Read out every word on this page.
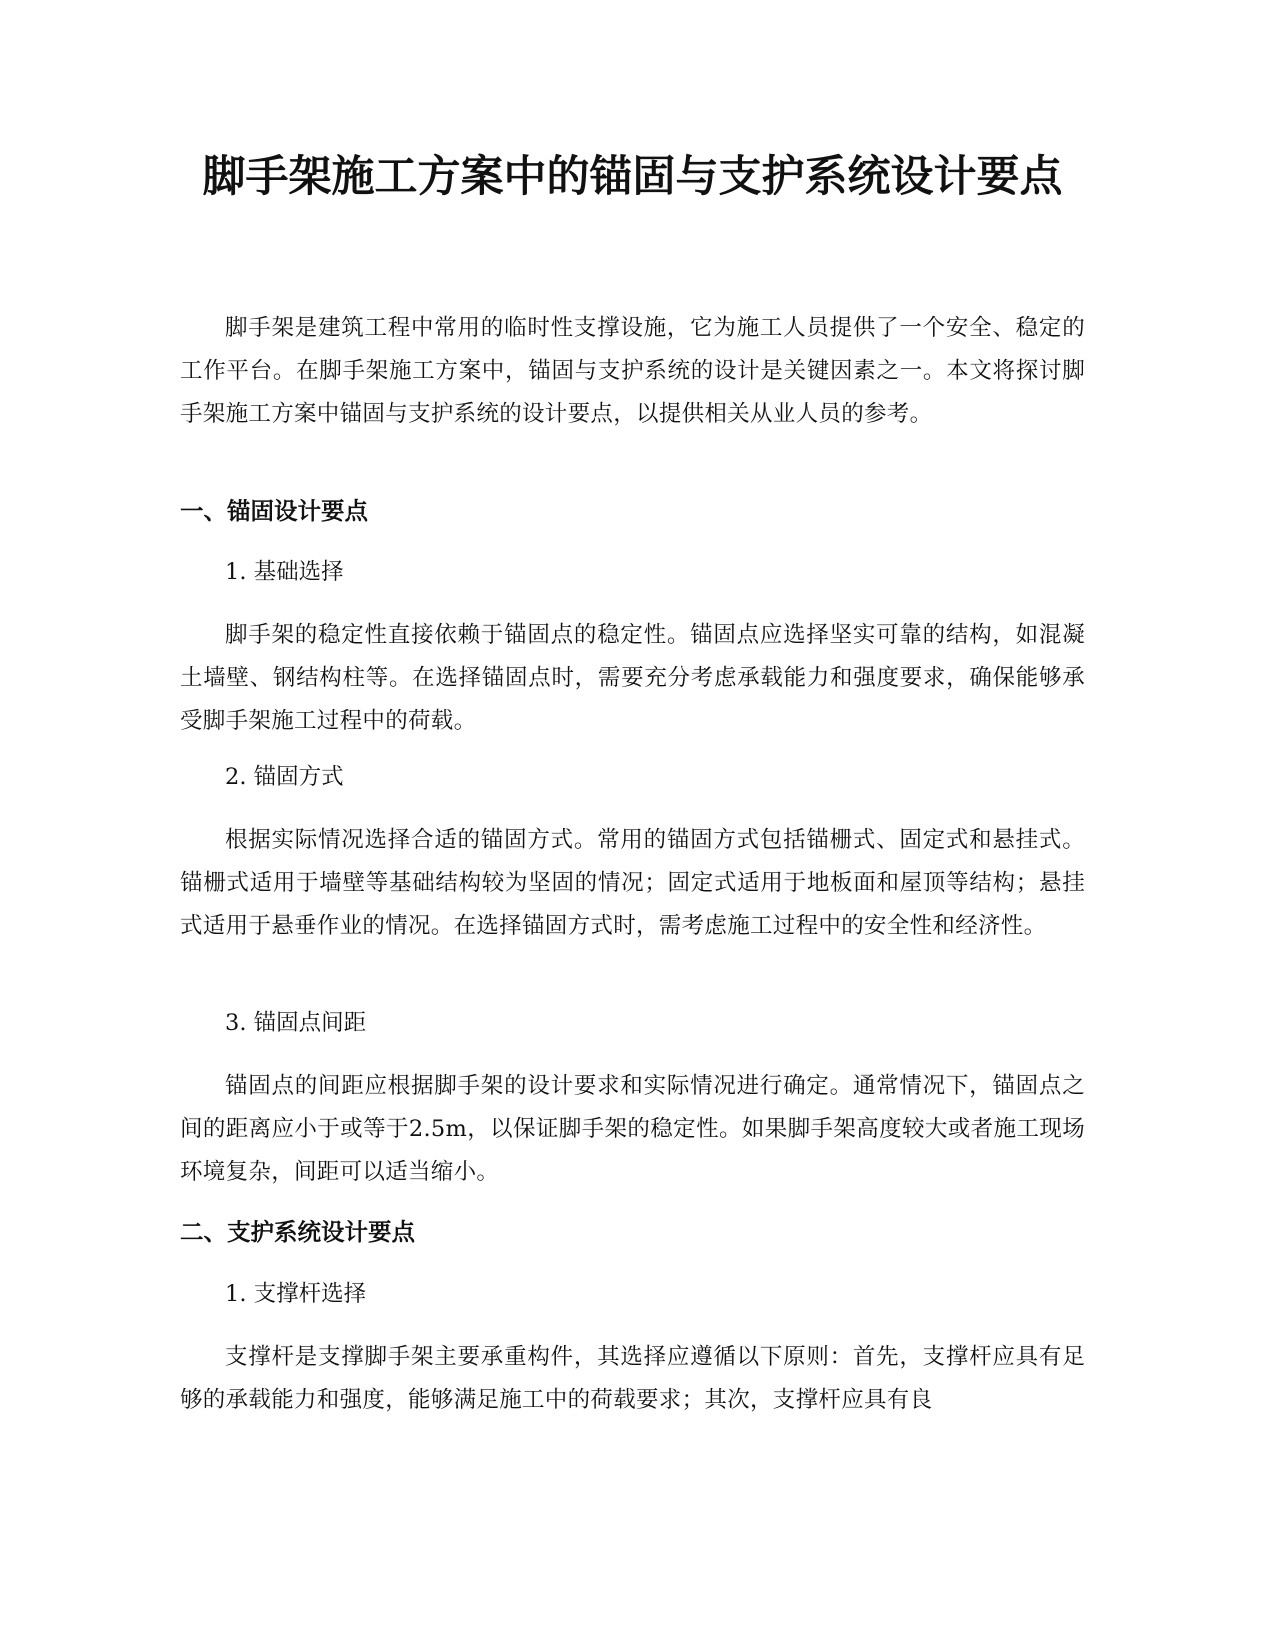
脚手架施工方案中的锚固与支护系统设计要点

脚手架是建筑工程中常用的临时性支撑设施，它为施工人员提供了一个安全、稳定的工作平台。在脚手架施工方案中，锚固与支护系统的设计是关键因素之一。本文将探讨脚手架施工方案中锚固与支护系统的设计要点，以提供相关从业人员的参考。

一、锚固设计要点

1. 基础选择

脚手架的稳定性直接依赖于锚固点的稳定性。锚固点应选择坚实可靠的结构，如混凝土墙壁、钢结构柱等。在选择锚固点时，需要充分考虑承载能力和强度要求，确保能够承受脚手架施工过程中的荷载。

2. 锚固方式

根据实际情况选择合适的锚固方式。常用的锚固方式包括锚栅式、固定式和悬挂式。锚栅式适用于墙壁等基础结构较为坚固的情况；固定式适用于地板面和屋顶等结构；悬挂式适用于悬垂作业的情况。在选择锚固方式时，需考虑施工过程中的安全性和经济性。

3. 锚固点间距

锚固点的间距应根据脚手架的设计要求和实际情况进行确定。通常情况下，锚固点之间的距离应小于或等于2.5m，以保证脚手架的稳定性。如果脚手架高度较大或者施工现场环境复杂，间距可以适当缩小。

二、支护系统设计要点

1. 支撑杆选择

支撑杆是支撑脚手架主要承重构件，其选择应遵循以下原则：首先，支撑杆应具有足够的承载能力和强度，能够满足施工中的荷载要求；其次，支撑杆应具有良
